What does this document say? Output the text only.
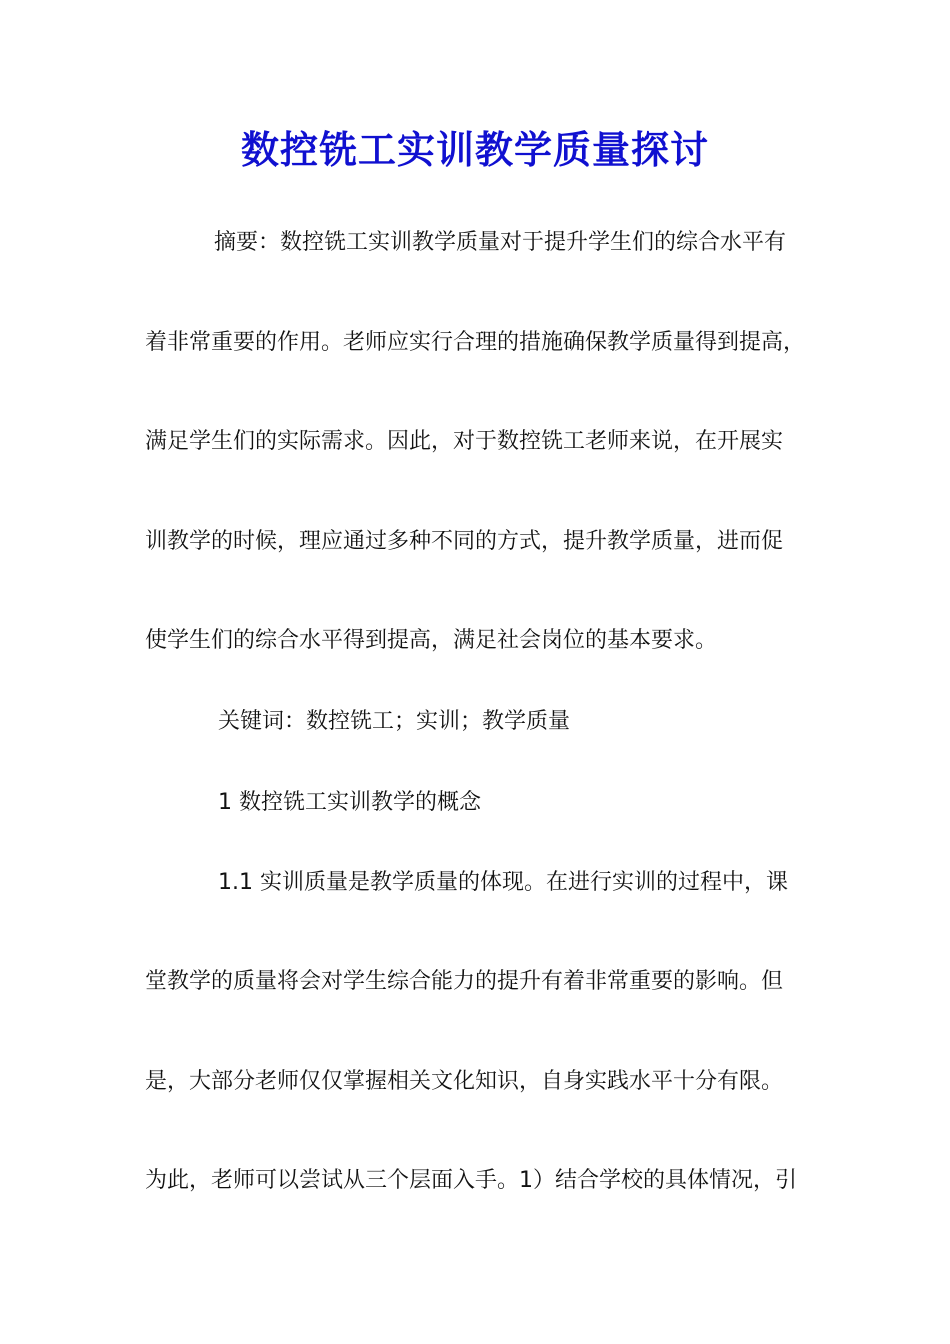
数控铣工实训教学质量探讨
摘要：数控铣工实训教学质量对于提升学生们的综合水平有
着非常重要的作用。老师应实行合理的措施确保教学质量得到提高，
满足学生们的实际需求。因此，对于数控铣工老师来说，在开展实
训教学的时候，理应通过多种不同的方式，提升教学质量，进而促
使学生们的综合水平得到提高，满足社会岗位的基本要求。
关键词：数控铣工；实训；教学质量
1 数控铣工实训教学的概念
1.1 实训质量是教学质量的体现。在进行实训的过程中，课
堂教学的质量将会对学生综合能力的提升有着非常重要的影响。但
是，大部分老师仅仅掌握相关文化知识，自身实践水平十分有限。
为此，老师可以尝试从三个层面入手。1）结合学校的具体情况，引
